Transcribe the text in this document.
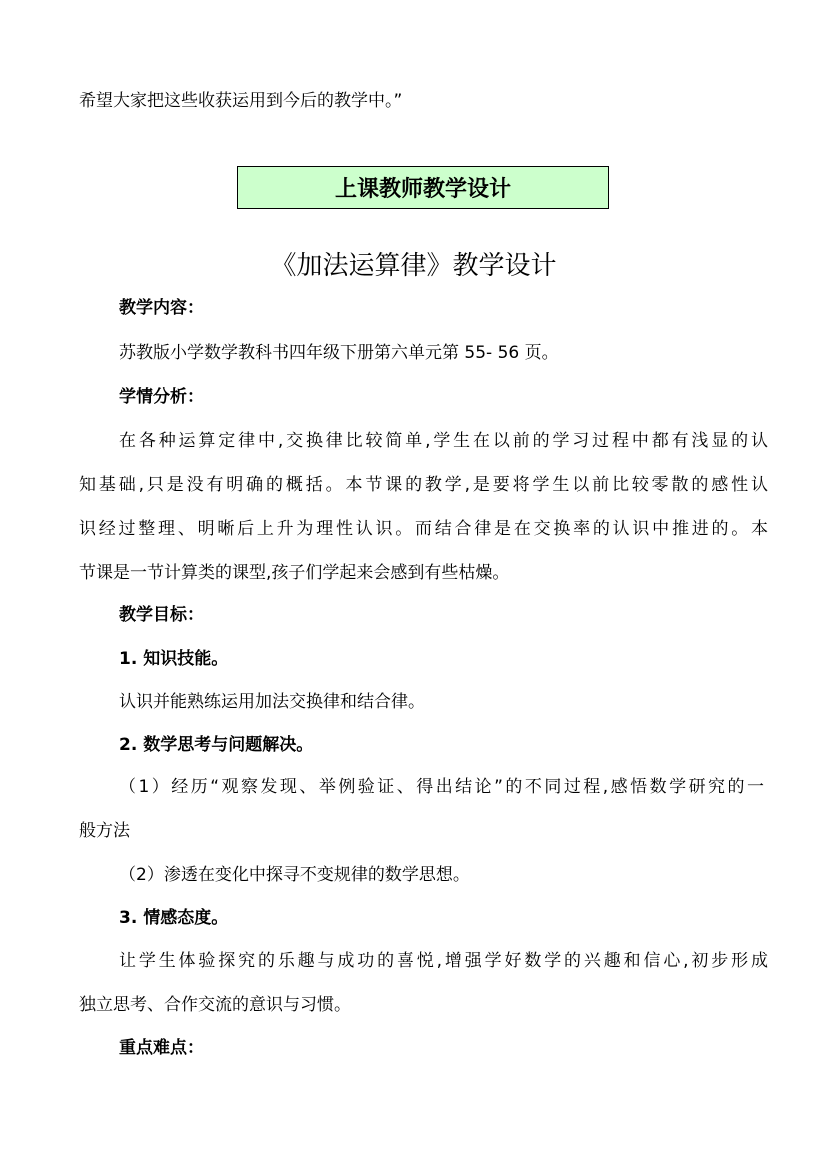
希望大家把这些收获运用到今后的教学中。”
上课教师教学设计
《加法运算律》教学设计
教学内容：
苏教版小学数学教科书四年级下册第六单元第 55- 56 页。
学情分析：
在各种运算定律中,交换律比较简单,学生在以前的学习过程中都有浅显的认
知基础,只是没有明确的概括。本节课的教学,是要将学生以前比较零散的感性认
识经过整理、明晰后上升为理性认识。而结合律是在交换率的认识中推进的。本
节课是一节计算类的课型,孩子们学起来会感到有些枯燥。
教学目标：
1. 知识技能。
认识并能熟练运用加法交换律和结合律。
2. 数学思考与问题解决。
（1）经历“观察发现、举例验证、得出结论”的不同过程,感悟数学研究的一
般方法
（2）渗透在变化中探寻不变规律的数学思想。
3. 情感态度。
让学生体验探究的乐趣与成功的喜悦,增强学好数学的兴趣和信心,初步形成
独立思考、合作交流的意识与习惯。
重点难点：
